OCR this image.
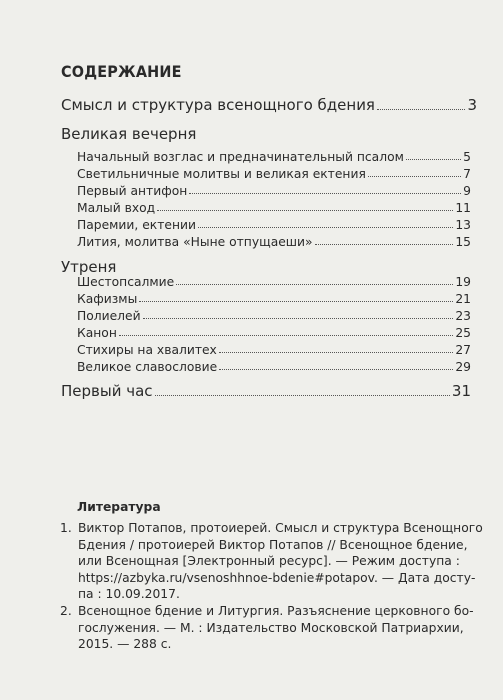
СОДЕРЖАНИЕ
Смысл и структура всенощного бдения	3
Великая вечерня
Начальный возглас и предначинательный псалом	5
Светильничные молитвы и великая ектения	7
Первый антифон	9
Малый вход	11
Паремии, ектении	13
Лития, молитва «Ныне отпущаеши»	15
Утреня
Шестопсалмие	19
Кафизмы	21
Полиелей	23
Канон	25
Стихиры на хвалитех	27
Великое славословие	29
Первый час	31
Литература
1. Виктор Потапов, протоиерей. Смысл и структура Всенощного
Бдения / протоиерей Виктор Потапов // Всенощное бдение,
или Всенощная [Электронный ресурс]. — Режим доступа :
https://azbyka.ru/vsenoshhnoe-bdenie#potapov. — Дата досту-
па : 10.09.2017.
2. Всенощное бдение и Литургия. Разъяснение церковного бо-
гослужения. — М. : Издательство Московской Патриархии,
2015. — 288 с.
